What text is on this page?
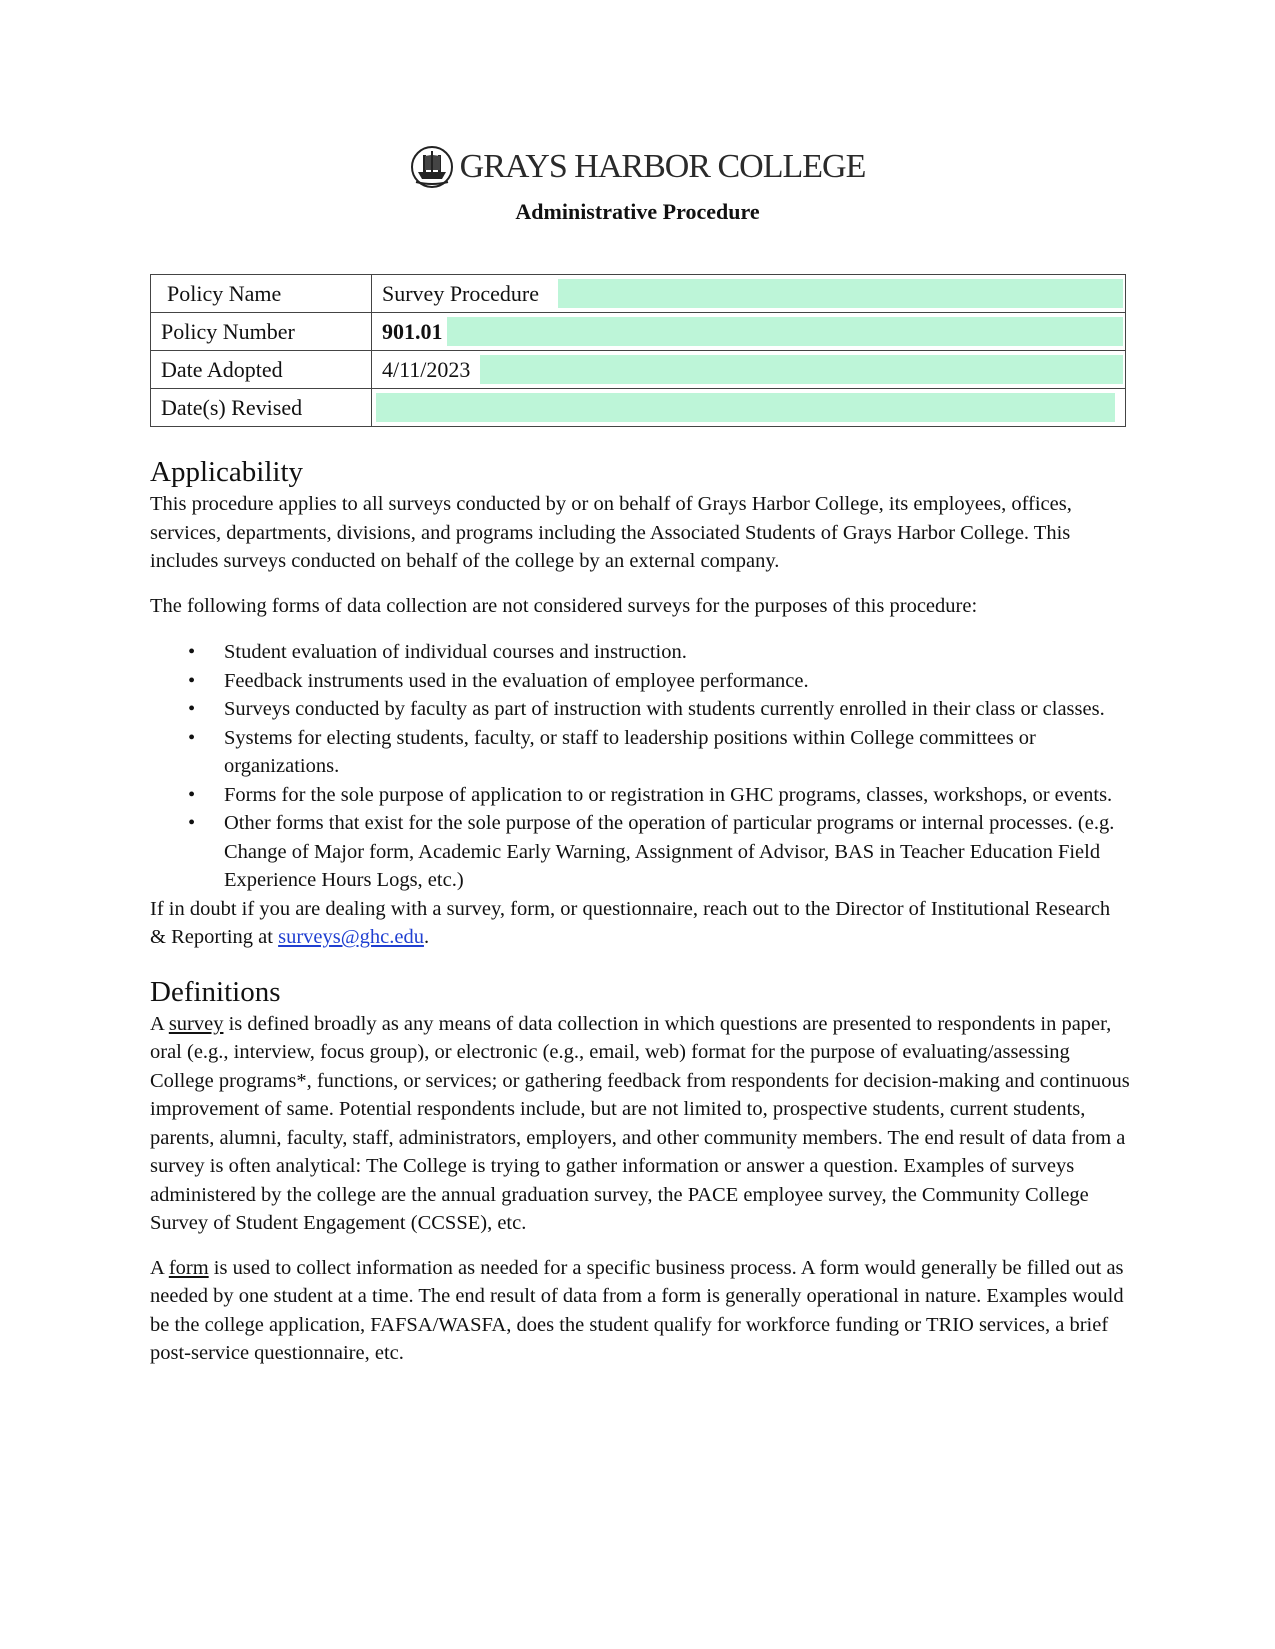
GRAYS HARBOR COLLEGE
Administrative Procedure
Policy Name	Survey Procedure
Policy Number	901.01
Date Adopted	4/11/2023
Date(s) Revised	
Applicability

This procedure applies to all surveys conducted by or on behalf of Grays Harbor College, its employees, offices, services, departments, divisions, and programs including the Associated Students of Grays Harbor College. This includes surveys conducted on behalf of the college by an external company.

The following forms of data collection are not considered surveys for the purposes of this procedure:

• Student evaluation of individual courses and instruction.
• Feedback instruments used in the evaluation of employee performance.
• Surveys conducted by faculty as part of instruction with students currently enrolled in their class or classes.
• Systems for electing students, faculty, or staff to leadership positions within College committees or organizations.
• Forms for the sole purpose of application to or registration in GHC programs, classes, workshops, or events.
• Other forms that exist for the sole purpose of the operation of particular programs or internal processes. (e.g. Change of Major form, Academic Early Warning, Assignment of Advisor, BAS in Teacher Education Field Experience Hours Logs, etc.)

If in doubt if you are dealing with a survey, form, or questionnaire, reach out to the Director of Institutional Research & Reporting at surveys@ghc.edu.

Definitions

A survey is defined broadly as any means of data collection in which questions are presented to respondents in paper, oral (e.g., interview, focus group), or electronic (e.g., email, web) format for the purpose of evaluating/assessing College programs*, functions, or services; or gathering feedback from respondents for decision-making and continuous improvement of same. Potential respondents include, but are not limited to, prospective students, current students, parents, alumni, faculty, staff, administrators, employers, and other community members. The end result of data from a survey is often analytical: The College is trying to gather information or answer a question. Examples of surveys administered by the college are the annual graduation survey, the PACE employee survey, the Community College Survey of Student Engagement (CCSSE), etc.

A form is used to collect information as needed for a specific business process. A form would generally be filled out as needed by one student at a time. The end result of data from a form is generally operational in nature. Examples would be the college application, FAFSA/WASFA, does the student qualify for workforce funding or TRIO services, a brief post-service questionnaire, etc.
